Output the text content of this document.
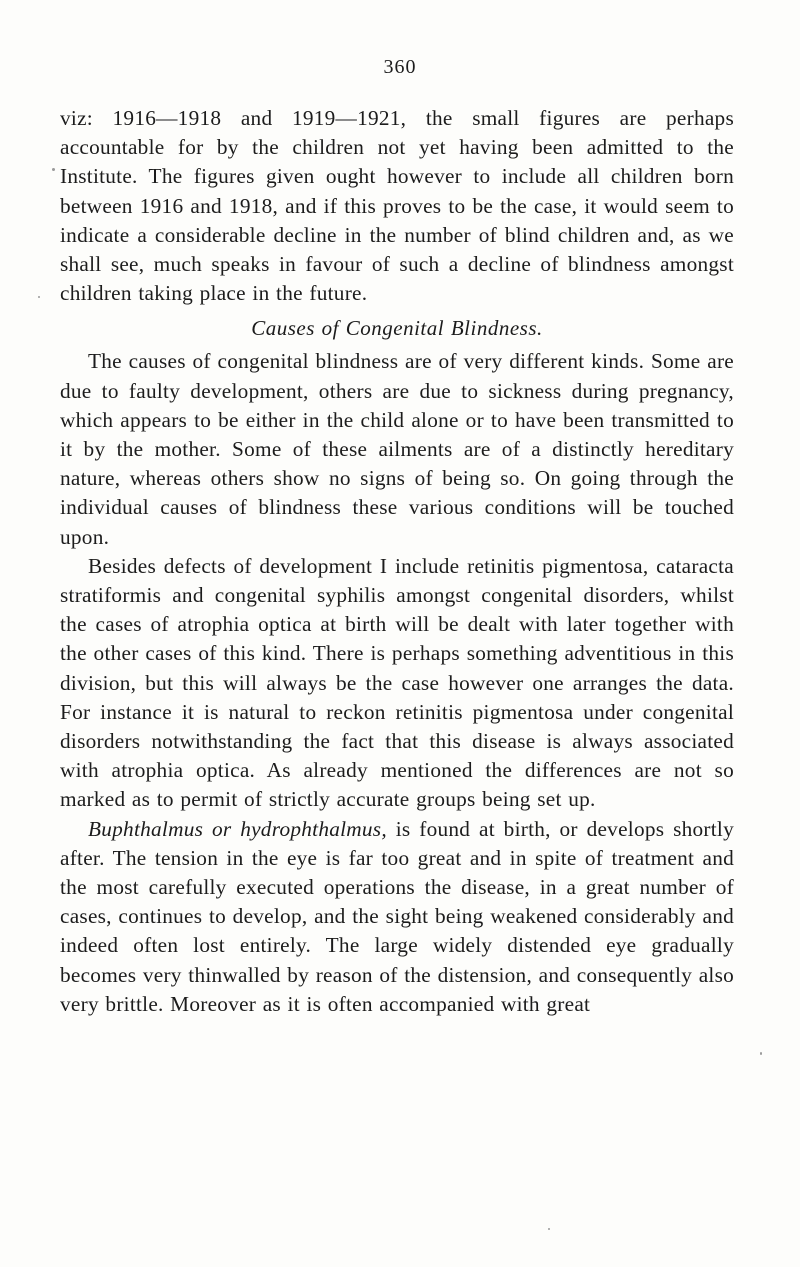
360

viz: 1916—1918 and 1919—1921, the small figures are perhaps accountable for by the children not yet having been admitted to the Institute. The figures given ought however to include all children born between 1916 and 1918, and if this proves to be the case, it would seem to indicate a considerable decline in the number of blind children and, as we shall see, much speaks in favour of such a decline of blindness amongst children taking place in the future.

Causes of Congenital Blindness.

The causes of congenital blindness are of very different kinds. Some are due to faulty development, others are due to sickness during pregnancy, which appears to be either in the child alone or to have been transmitted to it by the mother. Some of these ailments are of a distinctly hereditary nature, whereas others show no signs of being so. On going through the individual causes of blindness these various conditions will be touched upon.

Besides defects of development I include retinitis pigmentosa, cataracta stratiformis and congenital syphilis amongst congenital disorders, whilst the cases of atrophia optica at birth will be dealt with later together with the other cases of this kind. There is perhaps something adventitious in this division, but this will always be the case however one arranges the data. For instance it is natural to reckon retinitis pigmentosa under congenital disorders notwithstanding the fact that this disease is always associated with atrophia optica. As already mentioned the differences are not so marked as to permit of strictly accurate groups being set up.

Buphthalmus or hydrophthalmus, is found at birth, or develops shortly after. The tension in the eye is far too great and in spite of treatment and the most carefully executed operations the disease, in a great number of cases, continues to develop, and the sight being weakened considerably and indeed often lost entirely. The large widely distended eye gradually becomes very thinwalled by reason of the distension, and consequently also very brittle. Moreover as it is often accompanied with great
